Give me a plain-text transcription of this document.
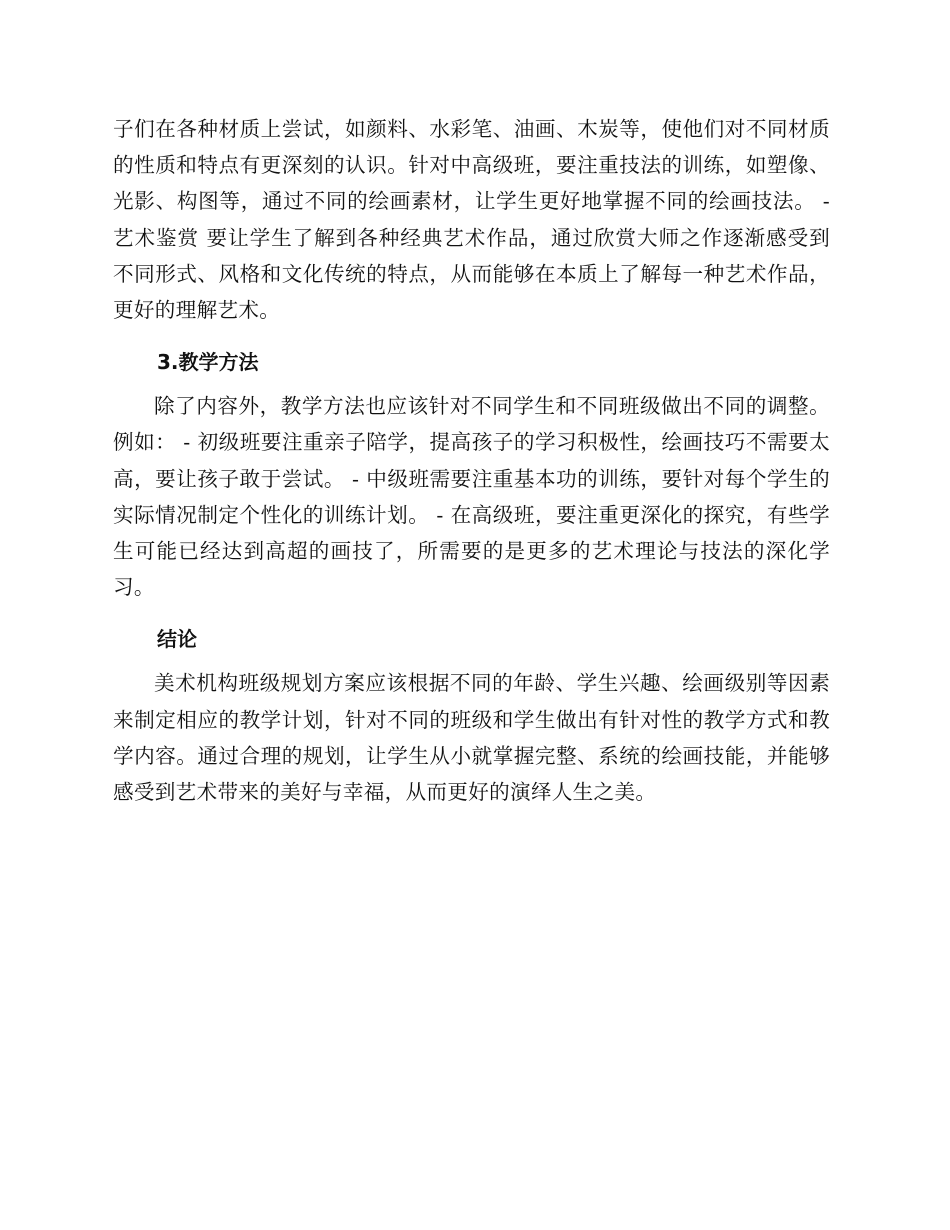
子们在各种材质上尝试，如颜料、水彩笔、油画、木炭等，使他们对不同材质的性质和特点有更深刻的认识。针对中高级班，要注重技法的训练，如塑像、光影、构图等，通过不同的绘画素材，让学生更好地掌握不同的绘画技法。 - 艺术鉴赏 要让学生了解到各种经典艺术作品，通过欣赏大师之作逐渐感受到不同形式、风格和文化传统的特点，从而能够在本质上了解每一种艺术作品，更好的理解艺术。

3.教学方法

除了内容外，教学方法也应该针对不同学生和不同班级做出不同的调整。例如： - 初级班要注重亲子陪学，提高孩子的学习积极性，绘画技巧不需要太高，要让孩子敢于尝试。 - 中级班需要注重基本功的训练，要针对每个学生的实际情况制定个性化的训练计划。 - 在高级班，要注重更深化的探究，有些学生可能已经达到高超的画技了，所需要的是更多的艺术理论与技法的深化学习。

结论

美术机构班级规划方案应该根据不同的年龄、学生兴趣、绘画级别等因素来制定相应的教学计划，针对不同的班级和学生做出有针对性的教学方式和教学内容。通过合理的规划，让学生从小就掌握完整、系统的绘画技能，并能够感受到艺术带来的美好与幸福，从而更好的演绎人生之美。
